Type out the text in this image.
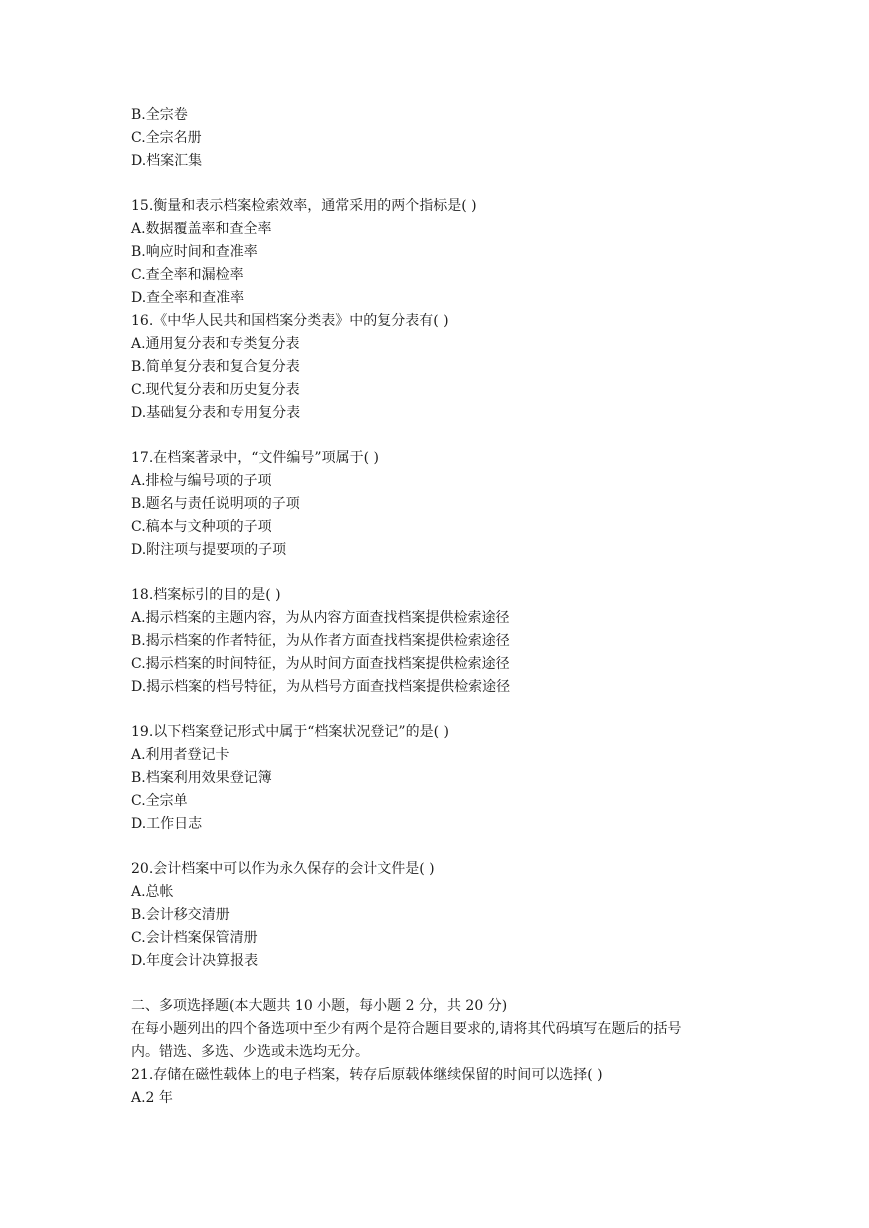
B.全宗卷
C.全宗名册
D.档案汇集
15.衡量和表示档案检索效率，通常采用的两个指标是( )
A.数据覆盖率和查全率
B.响应时间和查准率
C.查全率和漏检率
D.查全率和查准率
16.《中华人民共和国档案分类表》中的复分表有( )
A.通用复分表和专类复分表
B.简单复分表和复合复分表
C.现代复分表和历史复分表
D.基础复分表和专用复分表
17.在档案著录中，“文件编号”项属于( )
A.排检与编号项的子项
B.题名与责任说明项的子项
C.稿本与文种项的子项
D.附注项与提要项的子项
18.档案标引的目的是( )
A.揭示档案的主题内容，为从内容方面查找档案提供检索途径
B.揭示档案的作者特征，为从作者方面查找档案提供检索途径
C.揭示档案的时间特征，为从时间方面查找档案提供检索途径
D.揭示档案的档号特征，为从档号方面查找档案提供检索途径
19.以下档案登记形式中属于“档案状况登记”的是( )
A.利用者登记卡
B.档案利用效果登记簿
C.全宗单
D.工作日志
20.会计档案中可以作为永久保存的会计文件是( )
A.总帐
B.会计移交清册
C.会计档案保管清册
D.年度会计决算报表
二、多项选择题(本大题共 10 小题，每小题 2 分，共 20 分)
在每小题列出的四个备选项中至少有两个是符合题目要求的,请将其代码填写在题后的括号
内。错选、多选、少选或未选均无分。
21.存储在磁性载体上的电子档案，转存后原载体继续保留的时间可以选择( )
A.2 年
